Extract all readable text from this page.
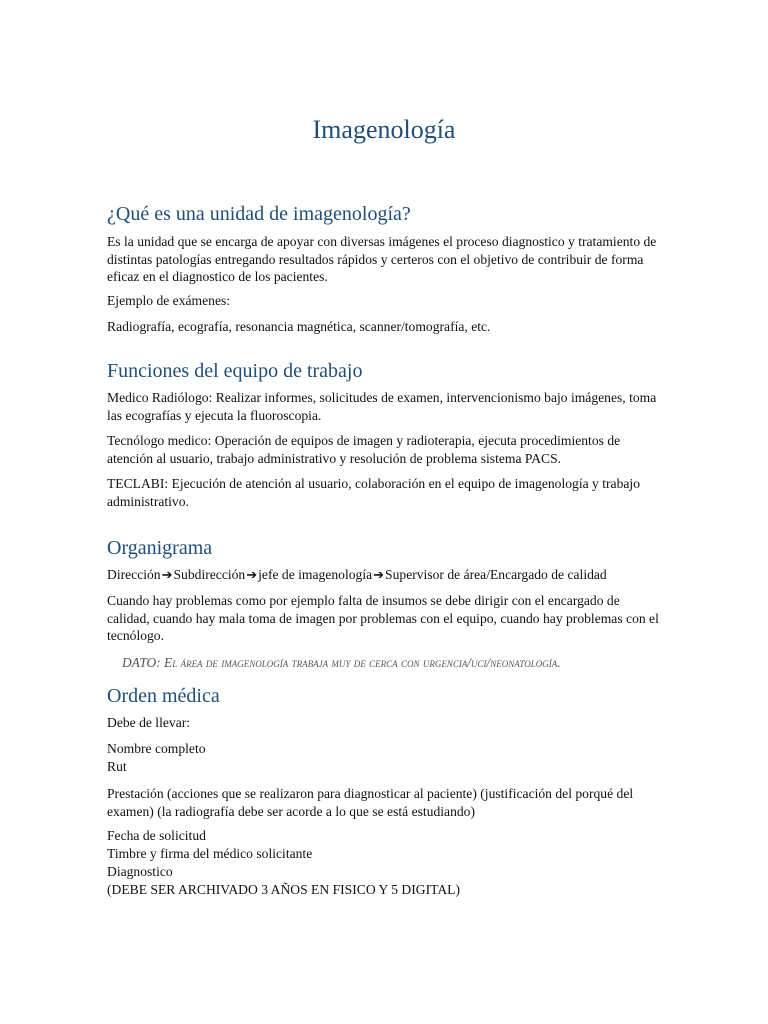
Imagenología
¿Qué es una unidad de imagenología?
Es la unidad que se encarga de apoyar con diversas imágenes el proceso diagnostico y tratamiento de distintas patologías entregando resultados rápidos y certeros con el objetivo de contribuir de forma eficaz en el diagnostico de los pacientes.
Ejemplo de exámenes:
Radiografía, ecografía, resonancia magnética, scanner/tomografía, etc.
Funciones del equipo de trabajo
Medico Radiólogo: Realizar informes, solicitudes de examen, intervencionismo bajo imágenes, toma las ecografías y ejecuta la fluoroscopia.
Tecnólogo medico: Operación de equipos de imagen y radioterapia, ejecuta procedimientos de atención al usuario, trabajo administrativo y resolución de problema sistema PACS.
TECLABI: Ejecución de atención al usuario, colaboración en el equipo de imagenología y trabajo administrativo.
Organigrama
Dirección➔Subdirección➔jefe de imagenología➔Supervisor de área/Encargado de calidad
Cuando hay problemas como por ejemplo falta de insumos se debe dirigir con el encargado de calidad, cuando hay mala toma de imagen por problemas con el equipo, cuando hay problemas con el tecnólogo.
DATO: El área de imagenología trabaja muy de cerca con urgencia/uci/neonatología.
Orden médica
Debe de llevar:
Nombre completo
Rut
Prestación (acciones que se realizaron para diagnosticar al paciente) (justificación del porqué del examen) (la radiografía debe ser acorde a lo que se está estudiando)
Fecha de solicitud
Timbre y firma del médico solicitante
Diagnostico
(DEBE SER ARCHIVADO 3 AÑOS EN FISICO Y 5 DIGITAL)
